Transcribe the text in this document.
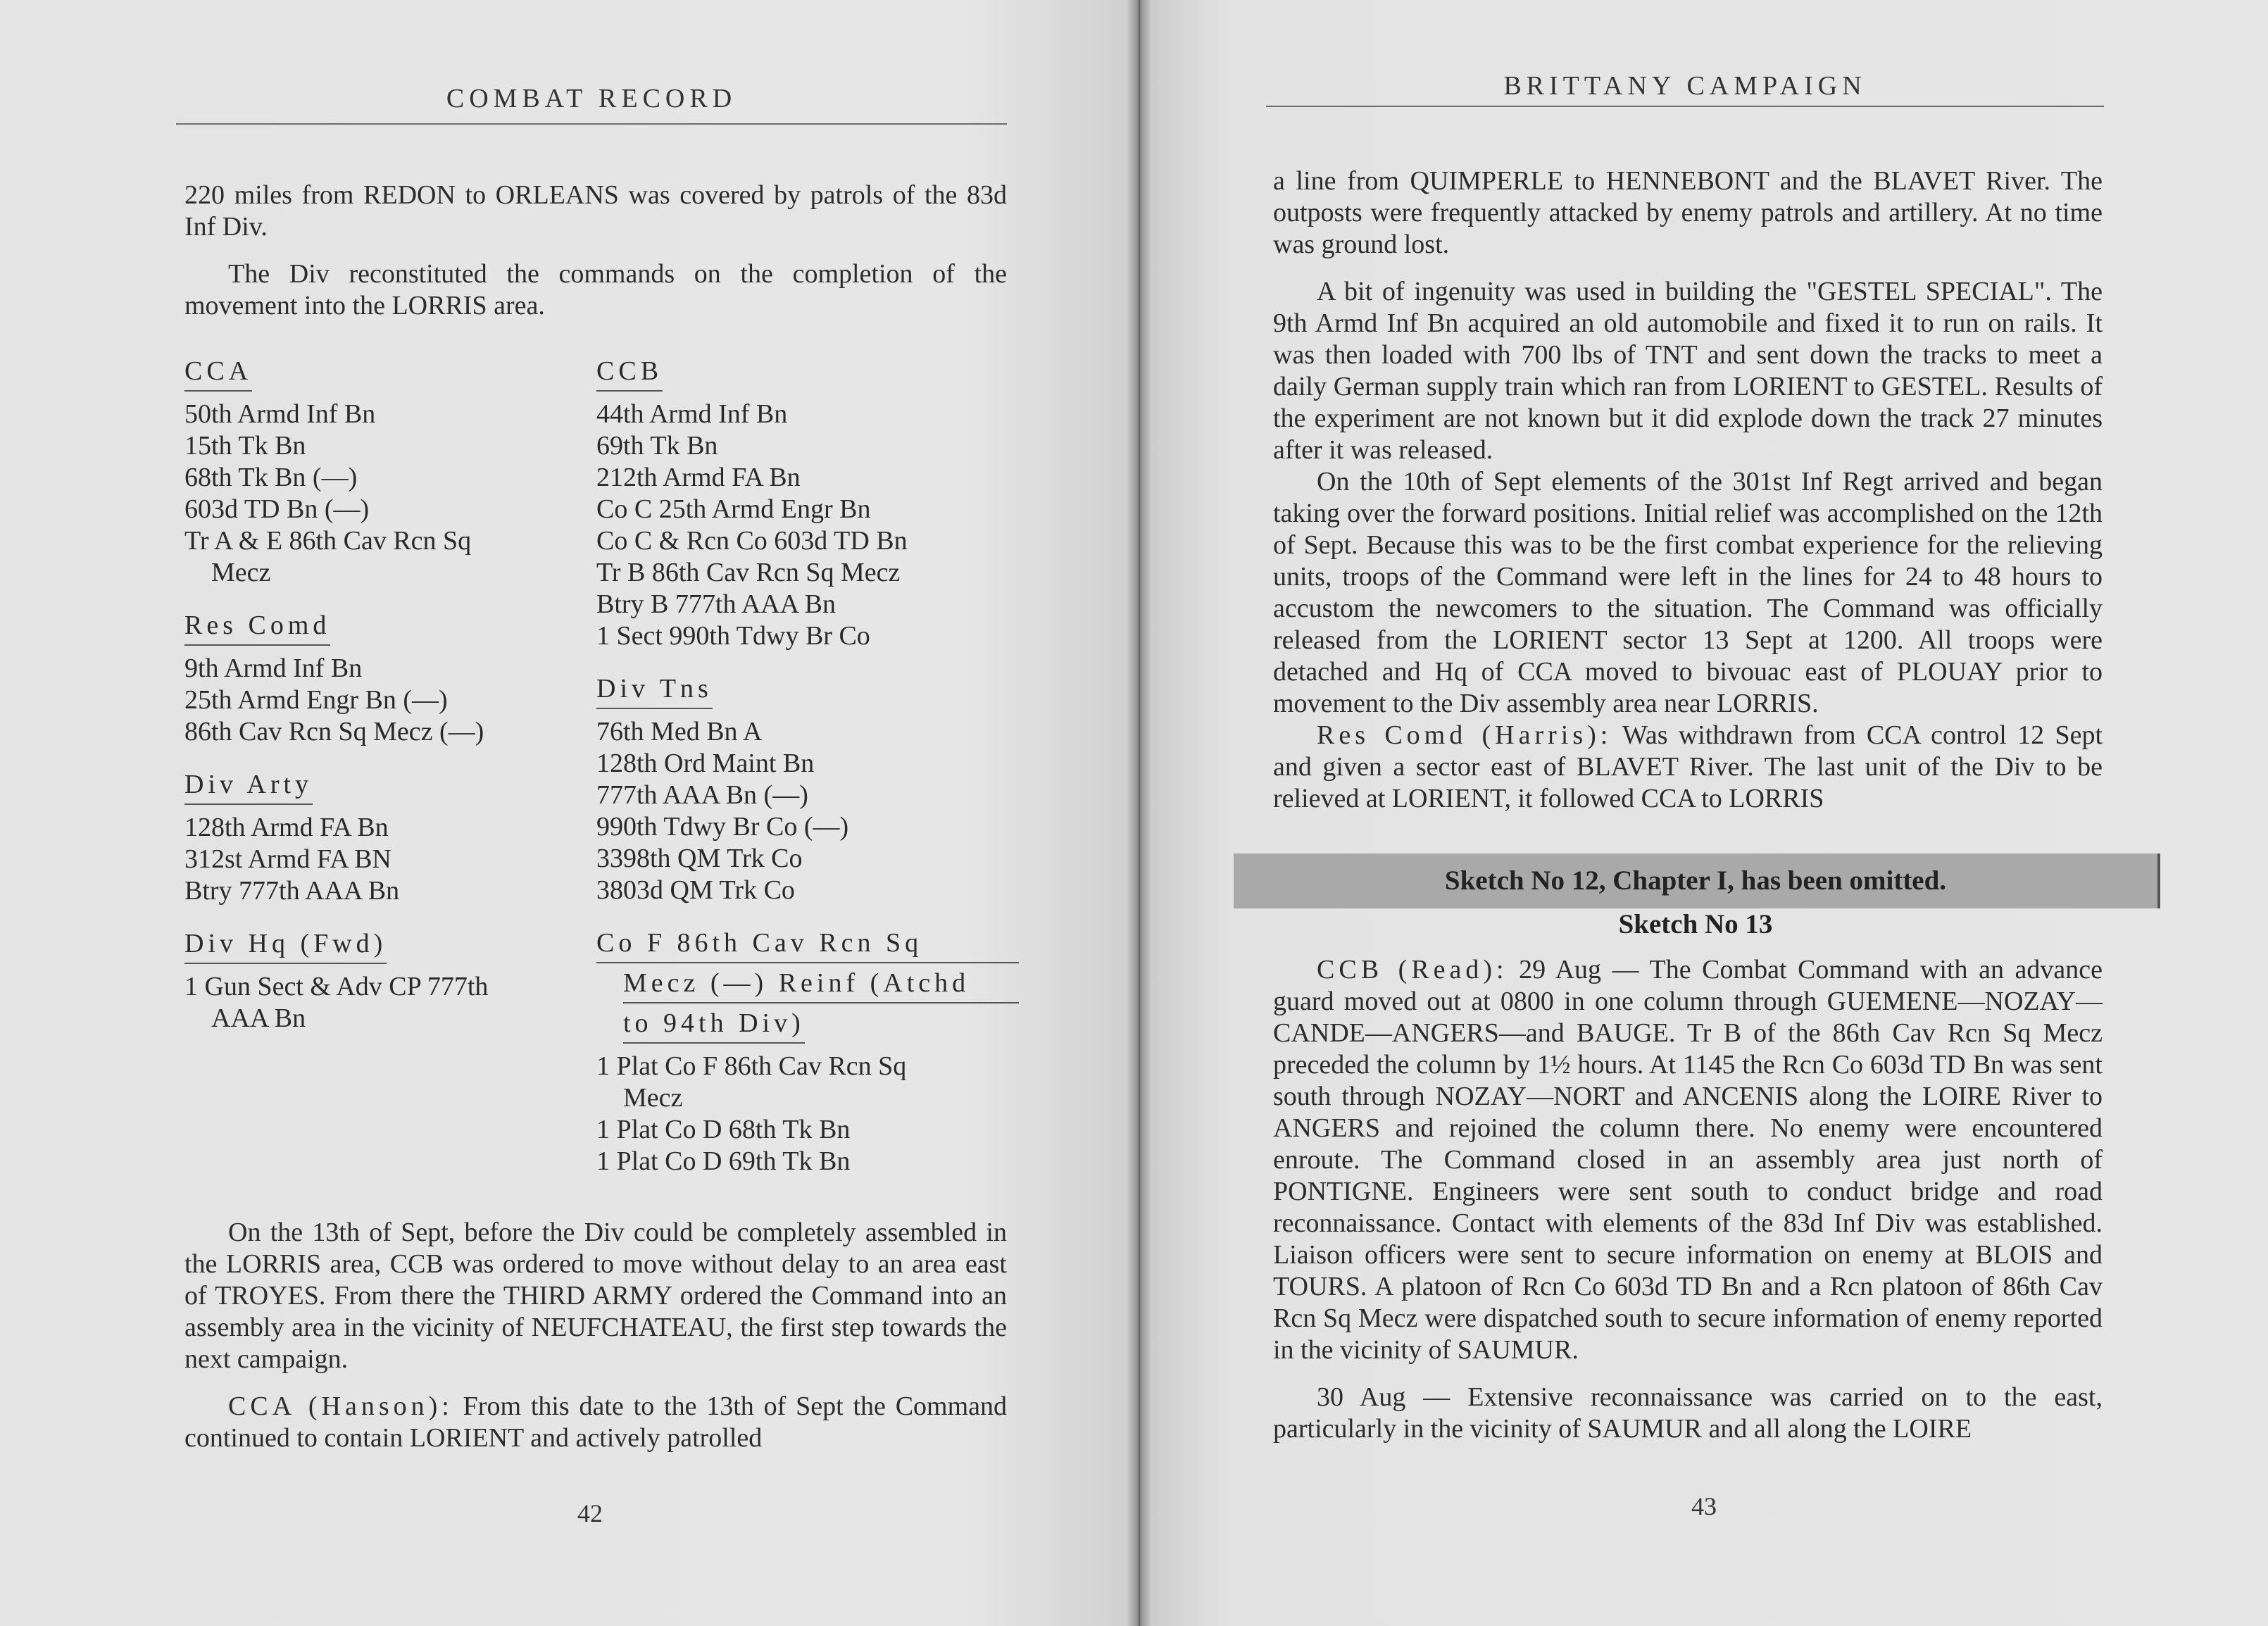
COMBAT RECORD

220 miles from REDON to ORLEANS was covered by patrols of the 83d Inf Div.

The Div reconstituted the commands on the completion of the movement into the LORRIS area.

CCA
50th Armd Inf Bn
15th Tk Bn
68th Tk Bn (—)
603d TD Bn (—)
Tr A & E 86th Cav Rcn Sq
Mecz
Res Comd
9th Armd Inf Bn
25th Armd Engr Bn (—)
86th Cav Rcn Sq Mecz (—)
Div Arty
128th Armd FA Bn
312st Armd FA BN
Btry 777th AAA Bn
Div Hq (Fwd)
1 Gun Sect & Adv CP 777th
AAA Bn
CCB
44th Armd Inf Bn
69th Tk Bn
212th Armd FA Bn
Co C 25th Armd Engr Bn
Co C & Rcn Co 603d TD Bn
Tr B 86th Cav Rcn Sq Mecz
Btry B 777th AAA Bn
1 Sect 990th Tdwy Br Co
Div Tns
76th Med Bn A
128th Ord Maint Bn
777th AAA Bn (—)
990th Tdwy Br Co (—)
3398th QM Trk Co
3803d QM Trk Co
Co F 86th Cav Rcn Sq
Mecz (—) Reinf (Atchd
to 94th Div)
1 Plat Co F 86th Cav Rcn Sq
Mecz
1 Plat Co D 68th Tk Bn
1 Plat Co D 69th Tk Bn

On the 13th of Sept, before the Div could be completely assembled in the LORRIS area, CCB was ordered to move without delay to an area east of TROYES. From there the THIRD ARMY ordered the Command into an assembly area in the vicinity of NEUFCHATEAU, the first step towards the next campaign.

CCA (Hanson): From this date to the 13th of Sept the Command continued to contain LORIENT and actively patrolled

42
BRITTANY CAMPAIGN

a line from QUIMPERLE to HENNEBONT and the BLAVET River. The outposts were frequently attacked by enemy patrols and artillery. At no time was ground lost.

A bit of ingenuity was used in building the "GESTEL SPECIAL". The 9th Armd Inf Bn acquired an old automobile and fixed it to run on rails. It was then loaded with 700 lbs of TNT and sent down the tracks to meet a daily German supply train which ran from LORIENT to GESTEL. Results of the experiment are not known but it did explode down the track 27 minutes after it was released.

On the 10th of Sept elements of the 301st Inf Regt arrived and began taking over the forward positions. Initial relief was accomplished on the 12th of Sept. Because this was to be the first combat experience for the relieving units, troops of the Command were left in the lines for 24 to 48 hours to accustom the newcomers to the situation. The Command was officially released from the LORIENT sector 13 Sept at 1200. All troops were detached and Hq of CCA moved to bivouac east of PLOUAY prior to movement to the Div assembly area near LORRIS.

Res Comd (Harris): Was withdrawn from CCA control 12 Sept and given a sector east of BLAVET River. The last unit of the Div to be relieved at LORIENT, it followed CCA to LORRIS

Sketch No 12, Chapter I, has been omitted.
Sketch No 13

CCB (Read): 29 Aug — The Combat Command with an advance guard moved out at 0800 in one column through GUEMENE—NOZAY—CANDE—ANGERS—and BAUGE. Tr B of the 86th Cav Rcn Sq Mecz preceded the column by 1½ hours. At 1145 the Rcn Co 603d TD Bn was sent south through NOZAY—NORT and ANCENIS along the LOIRE River to ANGERS and rejoined the column there. No enemy were encountered enroute. The Command closed in an assembly area just north of PONTIGNE. Engineers were sent south to conduct bridge and road reconnaissance. Contact with elements of the 83d Inf Div was established. Liaison officers were sent to secure information on enemy at BLOIS and TOURS. A platoon of Rcn Co 603d TD Bn and a Rcn platoon of 86th Cav Rcn Sq Mecz were dispatched south to secure information of enemy reported in the vicinity of SAUMUR.

30 Aug — Extensive reconnaissance was carried on to the east, particularly in the vicinity of SAUMUR and all along the LOIRE

43
